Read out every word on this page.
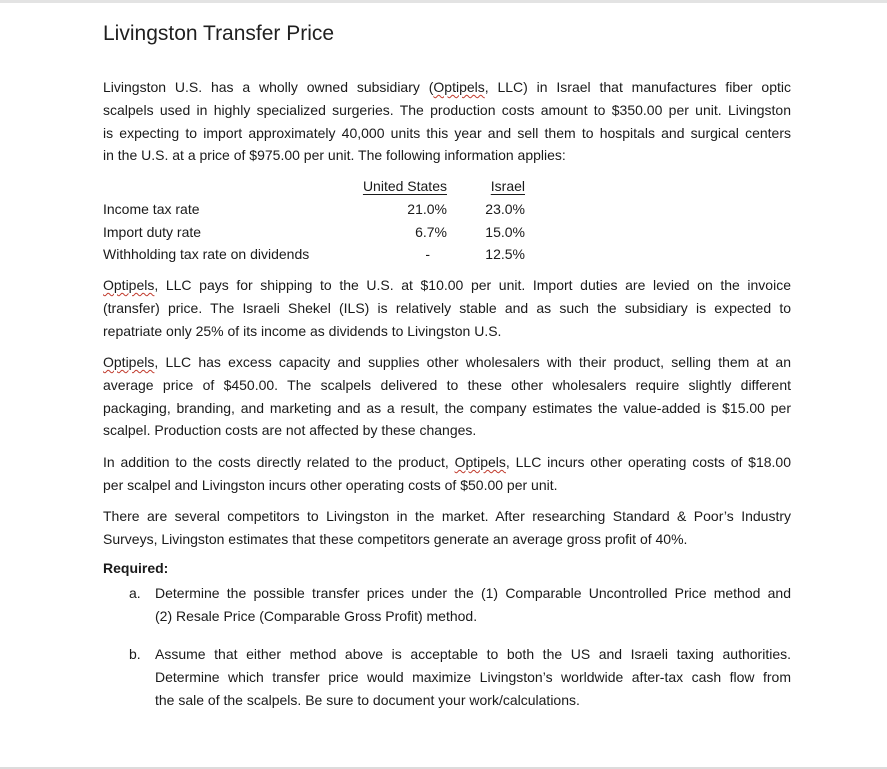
Livingston Transfer Price
Livingston U.S. has a wholly owned subsidiary (Optipels, LLC) in Israel that manufactures fiber optic
scalpels used in highly specialized surgeries. The production costs amount to $350.00 per unit. Livingston
is expecting to import approximately 40,000 units this year and sell them to hospitals and surgical centers
in the U.S. at a price of $975.00 per unit. The following information applies:
United States	Israel
Income tax rate	21.0%	23.0%
Import duty rate	6.7%	15.0%
Withholding tax rate on dividends	-	12.5%
Optipels, LLC pays for shipping to the U.S. at $10.00 per unit. Import duties are levied on the invoice
(transfer) price. The Israeli Shekel (ILS) is relatively stable and as such the subsidiary is expected to
repatriate only 25% of its income as dividends to Livingston U.S.
Optipels, LLC has excess capacity and supplies other wholesalers with their product, selling them at an
average price of $450.00. The scalpels delivered to these other wholesalers require slightly different
packaging, branding, and marketing and as a result, the company estimates the value-added is $15.00 per
scalpel. Production costs are not affected by these changes.
In addition to the costs directly related to the product, Optipels, LLC incurs other operating costs of $18.00
per scalpel and Livingston incurs other operating costs of $50.00 per unit.
There are several competitors to Livingston in the market. After researching Standard & Poor’s Industry
Surveys, Livingston estimates that these competitors generate an average gross profit of 40%.
Required:
a. Determine the possible transfer prices under the (1) Comparable Uncontrolled Price method and
(2) Resale Price (Comparable Gross Profit) method.
b. Assume that either method above is acceptable to both the US and Israeli taxing authorities.
Determine which transfer price would maximize Livingston’s worldwide after-tax cash flow from
the sale of the scalpels. Be sure to document your work/calculations.
